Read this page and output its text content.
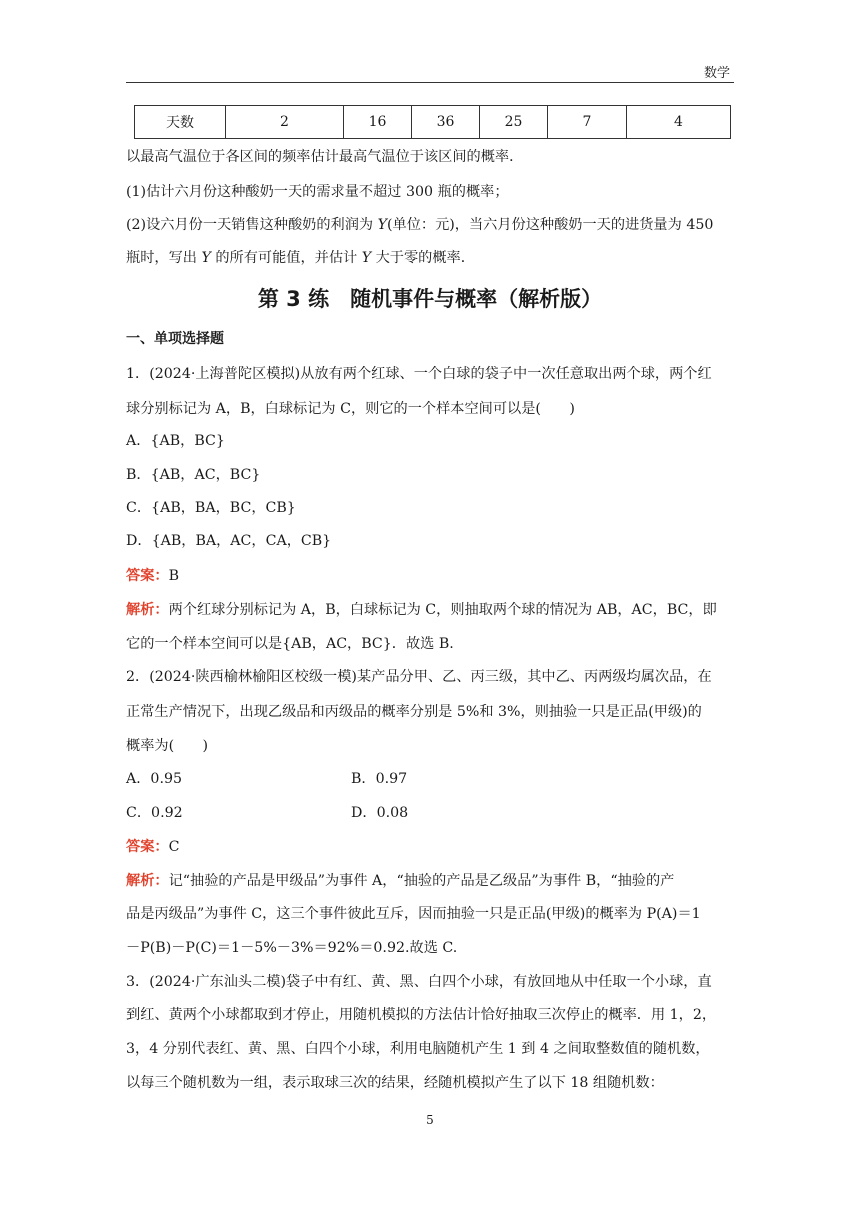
数学
天数	2	16	36	25	7	4
以最高气温位于各区间的频率估计最高气温位于该区间的概率．
(1)估计六月份这种酸奶一天的需求量不超过 300 瓶的概率；
(2)设六月份一天销售这种酸奶的利润为 Y(单位：元)，当六月份这种酸奶一天的进货量为 450
瓶时，写出 Y 的所有可能值，并估计 Y 大于零的概率．
第 3 练　随机事件与概率（解析版）
一、单项选择题
1．(2024·上海普陀区模拟)从放有两个红球、一个白球的袋子中一次任意取出两个球，两个红
球分别标记为 A，B，白球标记为 C，则它的一个样本空间可以是(　　)
A．{AB，BC}
B．{AB，AC，BC}
C．{AB，BA，BC，CB}
D．{AB，BA，AC，CA，CB}
答案：B
解析：两个红球分别标记为 A，B，白球标记为 C，则抽取两个球的情况为 AB，AC，BC，即
它的一个样本空间可以是{AB，AC，BC}．故选 B.
2．(2024·陕西榆林榆阳区校级一模)某产品分甲、乙、丙三级，其中乙、丙两级均属次品，在
正常生产情况下，出现乙级品和丙级品的概率分别是 5%和 3%，则抽验一只是正品(甲级)的
概率为(　　)
A．0.95	B．0.97
C．0.92	D．0.08
答案：C
解析：记“抽验的产品是甲级品”为事件 A，“抽验的产品是乙级品”为事件 B，“抽验的产
品是丙级品”为事件 C，这三个事件彼此互斥，因而抽验一只是正品(甲级)的概率为 P(A)＝1
－P(B)－P(C)＝1－5%－3%＝92%＝0.92.故选 C.
3．(2024·广东汕头二模)袋子中有红、黄、黑、白四个小球，有放回地从中任取一个小球，直
到红、黄两个小球都取到才停止，用随机模拟的方法估计恰好抽取三次停止的概率．用 1，2，
3，4 分别代表红、黄、黑、白四个小球，利用电脑随机产生 1 到 4 之间取整数值的随机数，
以每三个随机数为一组，表示取球三次的结果，经随机模拟产生了以下 18 组随机数：
5
